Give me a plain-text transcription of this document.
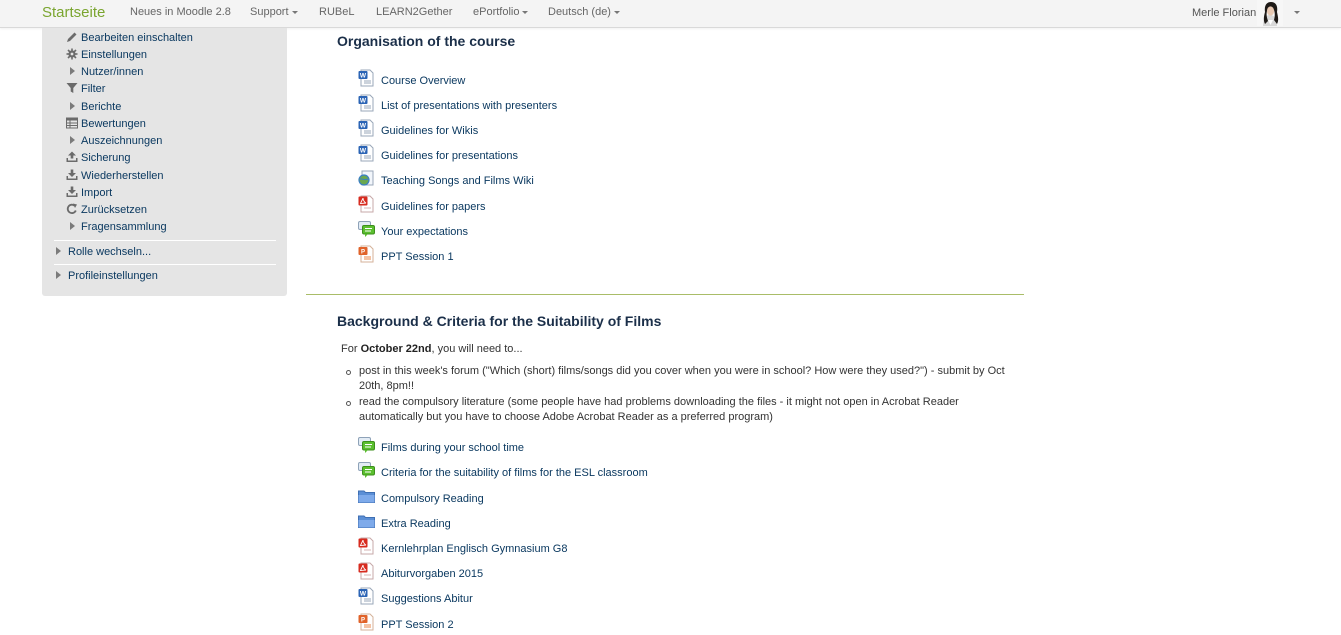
Startseite Neues in Moodle 2.8 Support	RUBeL LEARN2Gether ePortfolio	Deutsch (de)	Merle Florian
Bearbeiten einschalten
Einstellungen
Nutzer/innen
Filter
Berichte
Bewertungen
Auszeichnungen
Sicherung
Wiederherstellen
Import
Zurücksetzen
Fragensammlung
Rolle wechseln...
Profileinstellungen
Organisation of the course
W Course Overview
W List of presentations with presenters
W Guidelines for Wikis
W Guidelines for presentations
Teaching Songs and Films Wiki
Guidelines for papers
Your expectations
P PPT Session 1
Background & Criteria for the Suitability of Films
For October 22nd, you will need to...
post in this week's forum ("Which (short) films/songs did you cover when you were in school? How were they used?") - submit by Oct 20th, 8pm!!
read the compulsory literature (some people have had problems downloading the files - it might not open in Acrobat Reader automatically but you have to choose Adobe Acrobat Reader as a preferred program)
Films during your school time
Criteria for the suitability of films for the ESL classroom
Compulsory Reading
Extra Reading
Kernlehrplan Englisch Gymnasium G8
Abiturvorgaben 2015
W Suggestions Abitur
P PPT Session 2
